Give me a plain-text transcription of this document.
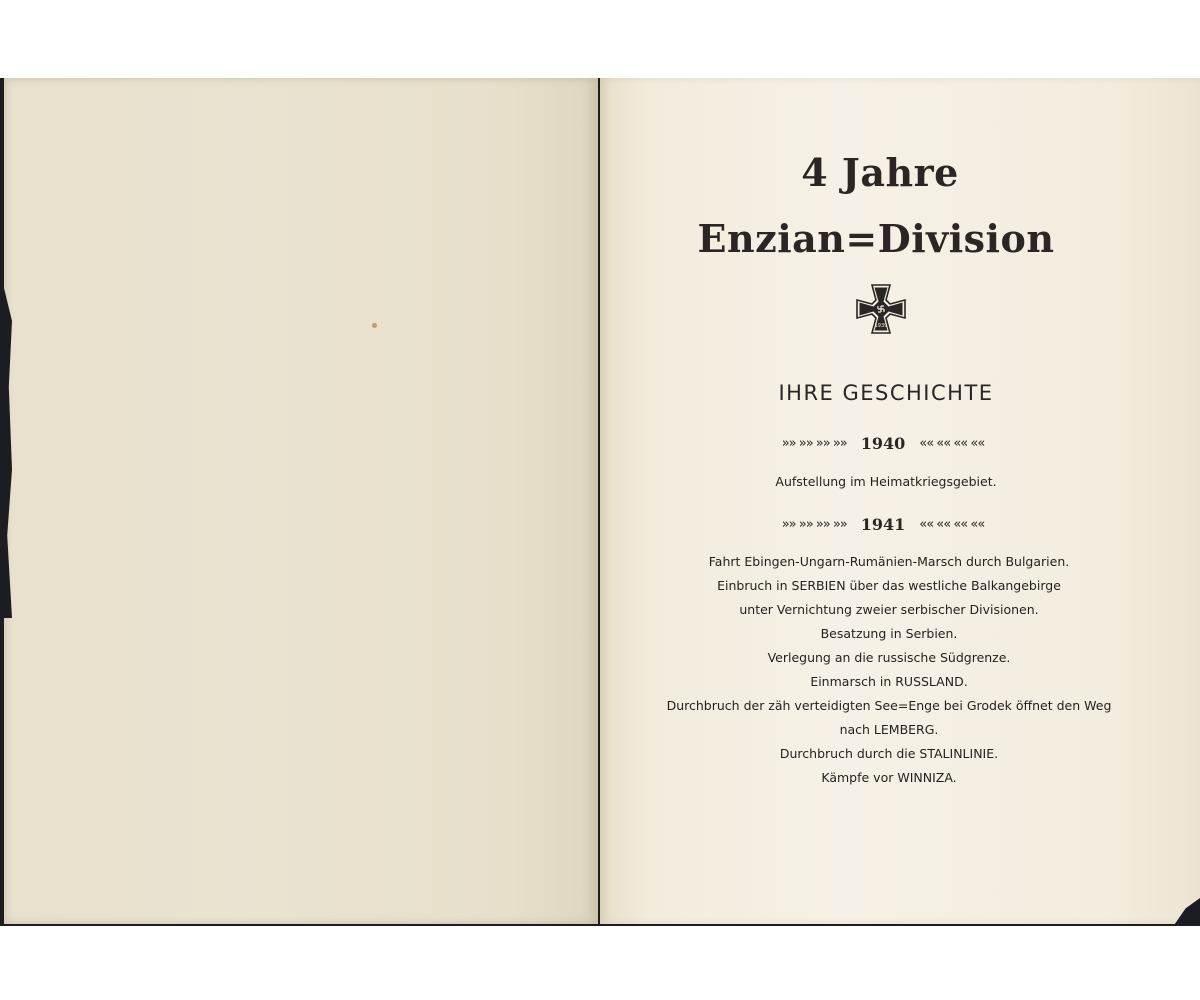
4 Jahre
Enzian=Division
1939
IHRE GESCHICHTE
»» »» »» »» 1940 «« «« «« ««
Aufstellung im Heimatkriegsgebiet.
»» »» »» »» 1941 «« «« «« ««
Fahrt Ebingen-Ungarn-Rumänien-Marsch durch Bulgarien.
Einbruch in SERBIEN über das westliche Balkangebirge
unter Vernichtung zweier serbischer Divisionen.
Besatzung in Serbien.
Verlegung an die russische Südgrenze.
Einmarsch in RUSSLAND.
Durchbruch der zäh verteidigten See=Enge bei Grodek öffnet den Weg
nach LEMBERG.
Durchbruch durch die STALINLINIE.
Kämpfe vor WINNIZA.
